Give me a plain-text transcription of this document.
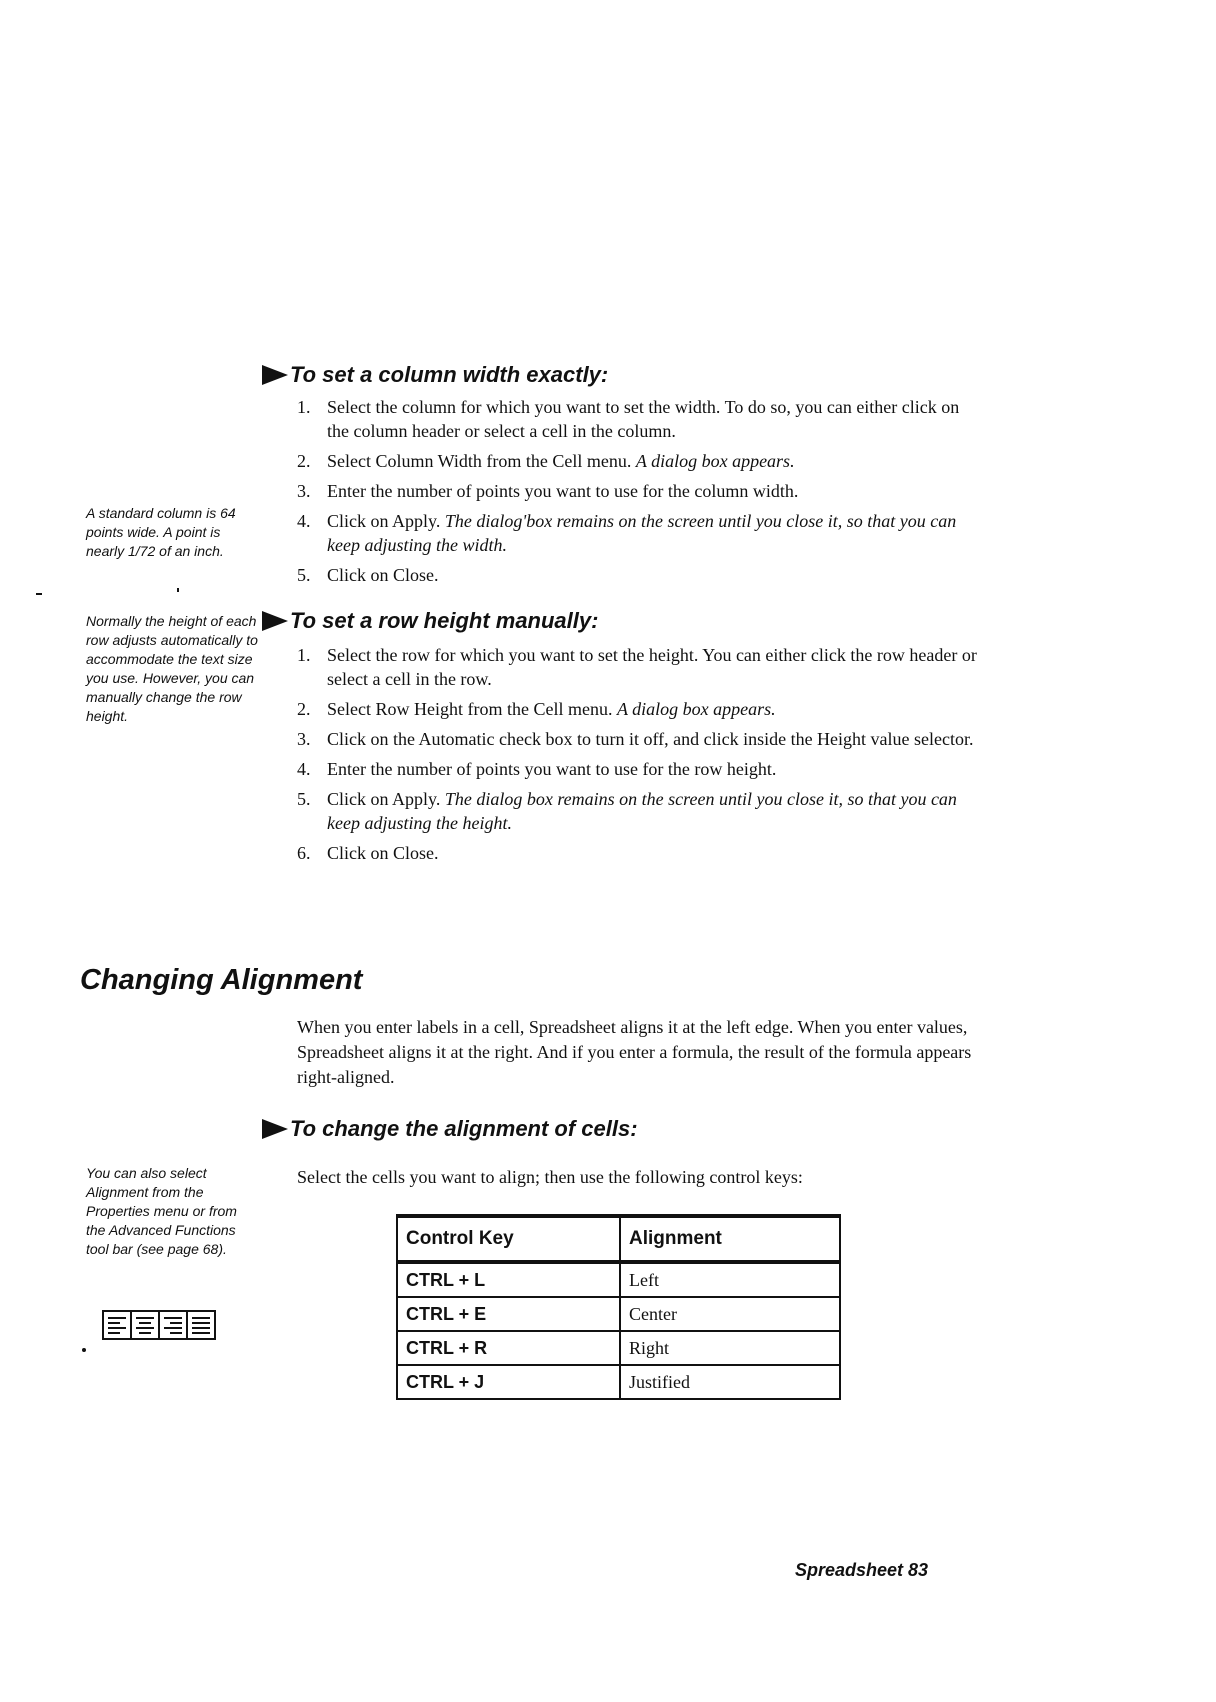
To set a column width exactly:
1. Select the column for which you want to set the width. To do so, you can either click on the column header or select a cell in the column.
2. Select Column Width from the Cell menu. A dialog box appears.
3. Enter the number of points you want to use for the column width.
4. Click on Apply. The dialog'box remains on the screen until you close it, so that you can keep adjusting the width.
5. Click on Close.
A standard column is 64 points wide. A point is nearly 1/72 of an inch.
To set a row height manually:
1. Select the row for which you want to set the height. You can either click the row header or select a cell in the row.
2. Select Row Height from the Cell menu. A dialog box appears.
3. Click on the Automatic check box to turn it off, and click inside the Height value selector.
4. Enter the number of points you want to use for the row height.
5. Click on Apply. The dialog box remains on the screen until you close it, so that you can keep adjusting the height.
6. Click on Close.
Normally the height of each row adjusts automatically to accommodate the text size you use. However, you can manually change the row height.
Changing Alignment
When you enter labels in a cell, Spreadsheet aligns it at the left edge. When you enter values, Spreadsheet aligns it at the right. And if you enter a formula, the result of the formula appears right-aligned.
To change the alignment of cells:
Select the cells you want to align; then use the following control keys:
You can also select Alignment from the Properties menu or from the Advanced Functions tool bar (see page 68).	Control Key	Alignment
CTRL + L	Left
CTRL + E	Center
CTRL + R	Right
CTRL + J	Justified
Spreadsheet 83
